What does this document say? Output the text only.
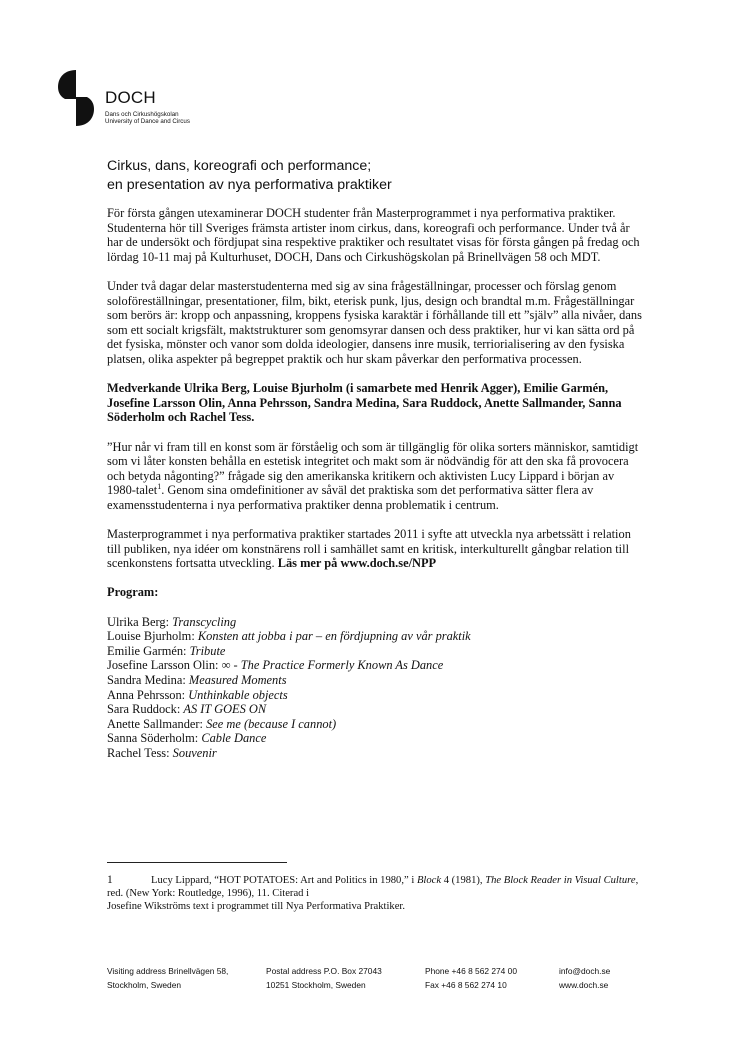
DOCH
Dans och Cirkushögskolan
University of Dance and Circus
Cirkus, dans, koreografi och performance;
en presentation av nya performativa praktiker

För första gången utexaminerar DOCH studenter från Masterprogrammet i nya performativa praktiker. Studenterna hör till Sveriges främsta artister inom cirkus, dans, koreografi och performance. Under två år har de undersökt och fördjupat sina respektive praktiker och resultatet visas för första gången på fredag och lördag 10-11 maj på Kulturhuset, DOCH, Dans och Cirkushögskolan på Brinellvägen 58 och MDT.

Under två dagar delar masterstudenterna med sig av sina frågeställningar, processer och förslag genom soloföreställningar, presentationer, film, bikt, eterisk punk, ljus, design och brandtal m.m. Frågeställningar som berörs är: kropp och anpassning, kroppens fysiska karaktär i förhållande till ett ”själv” alla nivåer, dans som ett socialt krigsfält, maktstrukturer som genomsyrar dansen och dess praktiker, hur vi kan sätta ord på det fysiska, mönster och vanor som dolda ideologier, dansens inre musik, terriorialisering av den fysiska platsen, olika aspekter på begreppet praktik och hur skam påverkar den performativa processen.

Medverkande Ulrika Berg, Louise Bjurholm (i samarbete med Henrik Agger), Emilie Garmén, Josefine Larsson Olin, Anna Pehrsson, Sandra Medina, Sara Ruddock, Anette Sallmander, Sanna Söderholm och Rachel Tess.

”Hur når vi fram till en konst som är förståelig och som är tillgänglig för olika sorters människor, samtidigt som vi låter konsten behålla en estetisk integritet och makt som är nödvändig för att den ska få provocera och betyda någonting?” frågade sig den amerikanska kritikern och aktivisten Lucy Lippard i början av 1980-talet$^1$. Genom sina omdefinitioner av såväl det praktiska som det performativa sätter flera av examensstudenterna i nya performativa praktiker denna problematik i centrum.

Masterprogrammet i nya performativa praktiker startades 2011 i syfte att utveckla nya arbetssätt i relation till publiken, nya idéer om konstnärens roll i samhället samt en kritisk, interkulturellt gångbar relation till scenkonstens fortsatta utveckling. Läs mer på www.doch.se/NPP

Program:

Ulrika Berg: Transcycling
Louise Bjurholm: Konsten att jobba i par – en fördjupning av vår praktik
Emilie Garmén: Tribute
Josefine Larsson Olin: ∞ - The Practice Formerly Known As Dance
Sandra Medina: Measured Moments
Anna Pehrsson: Unthinkable objects
Sara Ruddock: AS IT GOES ON
Anette Sallmander: See me (because I cannot)
Sanna Söderholm: Cable Dance
Rachel Tess: Souvenir
1	Lucy Lippard, “HOT POTATOES: Art and Politics in 1980,” i Block 4 (1981), The Block Reader in Visual Culture, red. (New York: Routledge, 1996), 11. Citerad i
Josefine Wikströms text i programmet till Nya Performativa Praktiker.
Visiting address Brinellvägen 58,
Stockholm, Sweden
Postal address P.O. Box 27043
10251 Stockholm, Sweden
Phone +46 8 562 274 00
Fax +46 8 562 274 10
info@doch.se
www.doch.se
